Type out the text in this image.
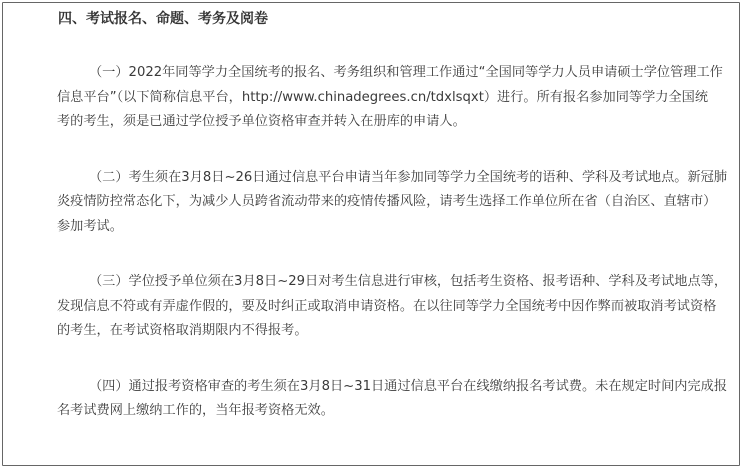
四、考试报名、命题、考务及阅卷
（一）2022年同等学力全国统考的报名、考务组织和管理工作通过“全国同等学力人员申请硕士学位管理工作
信息平台”（以下简称信息平台，http://www.chinadegrees.cn/tdxlsqxt）进行。所有报名参加同等学力全国统
考的考生，须是已通过学位授予单位资格审查并转入在册库的申请人。
（二）考生须在3月8日~26日通过信息平台申请当年参加同等学力全国统考的语种、学科及考试地点。新冠肺
炎疫情防控常态化下，为减少人员跨省流动带来的疫情传播风险，请考生选择工作单位所在省（自治区、直辖市）
参加考试。
（三）学位授予单位须在3月8日~29日对考生信息进行审核，包括考生资格、报考语种、学科及考试地点等，
发现信息不符或有弄虚作假的，要及时纠正或取消申请资格。在以往同等学力全国统考中因作弊而被取消考试资格
的考生，在考试资格取消期限内不得报考。
（四）通过报考资格审查的考生须在3月8日~31日通过信息平台在线缴纳报名考试费。未在规定时间内完成报
名考试费网上缴纳工作的，当年报考资格无效。
